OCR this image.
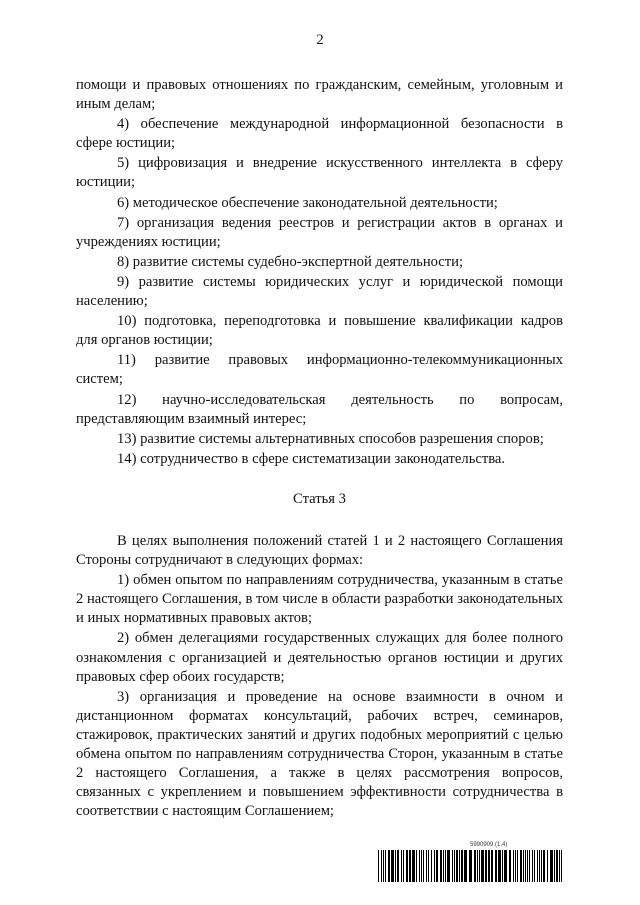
2
помощи и правовых отношениях по гражданским, семейным, уголовным и иным делам;
4) обеспечение международной информационной безопасности в сфере юстиции;
5) цифровизация и внедрение искусственного интеллекта в сферу юстиции;
6) методическое обеспечение законодательной деятельности;
7) организация ведения реестров и регистрации актов в органах и учреждениях юстиции;
8) развитие системы судебно-экспертной деятельности;
9) развитие системы юридических услуг и юридической помощи населению;
10) подготовка, переподготовка и повышение квалификации кадров для органов юстиции;
11) развитие правовых информационно-телекоммуникационных систем;
12) научно-исследовательская деятельность по вопросам, представляющим взаимный интерес;
13) развитие системы альтернативных способов разрешения споров;
14) сотрудничество в сфере систематизации законодательства.
Статья 3
В целях выполнения положений статей 1 и 2 настоящего Соглашения Стороны сотрудничают в следующих формах:
1) обмен опытом по направлениям сотрудничества, указанным в статье 2 настоящего Соглашения, в том числе в области разработки законодательных и иных нормативных правовых актов;
2) обмен делегациями государственных служащих для более полного ознакомления с организацией и деятельностью органов юстиции и других правовых сфер обоих государств;
3) организация и проведение на основе взаимности в очном и дистанционном форматах консультаций, рабочих встреч, семинаров, стажировок, практических занятий и других подобных мероприятий с целью обмена опытом по направлениям сотрудничества Сторон, указанным в статье 2 настоящего Соглашения, а также в целях рассмотрения вопросов, связанных с укреплением и повышением эффективности сотрудничества в соответствии с настоящим Соглашением;
5990909 (1.4)
